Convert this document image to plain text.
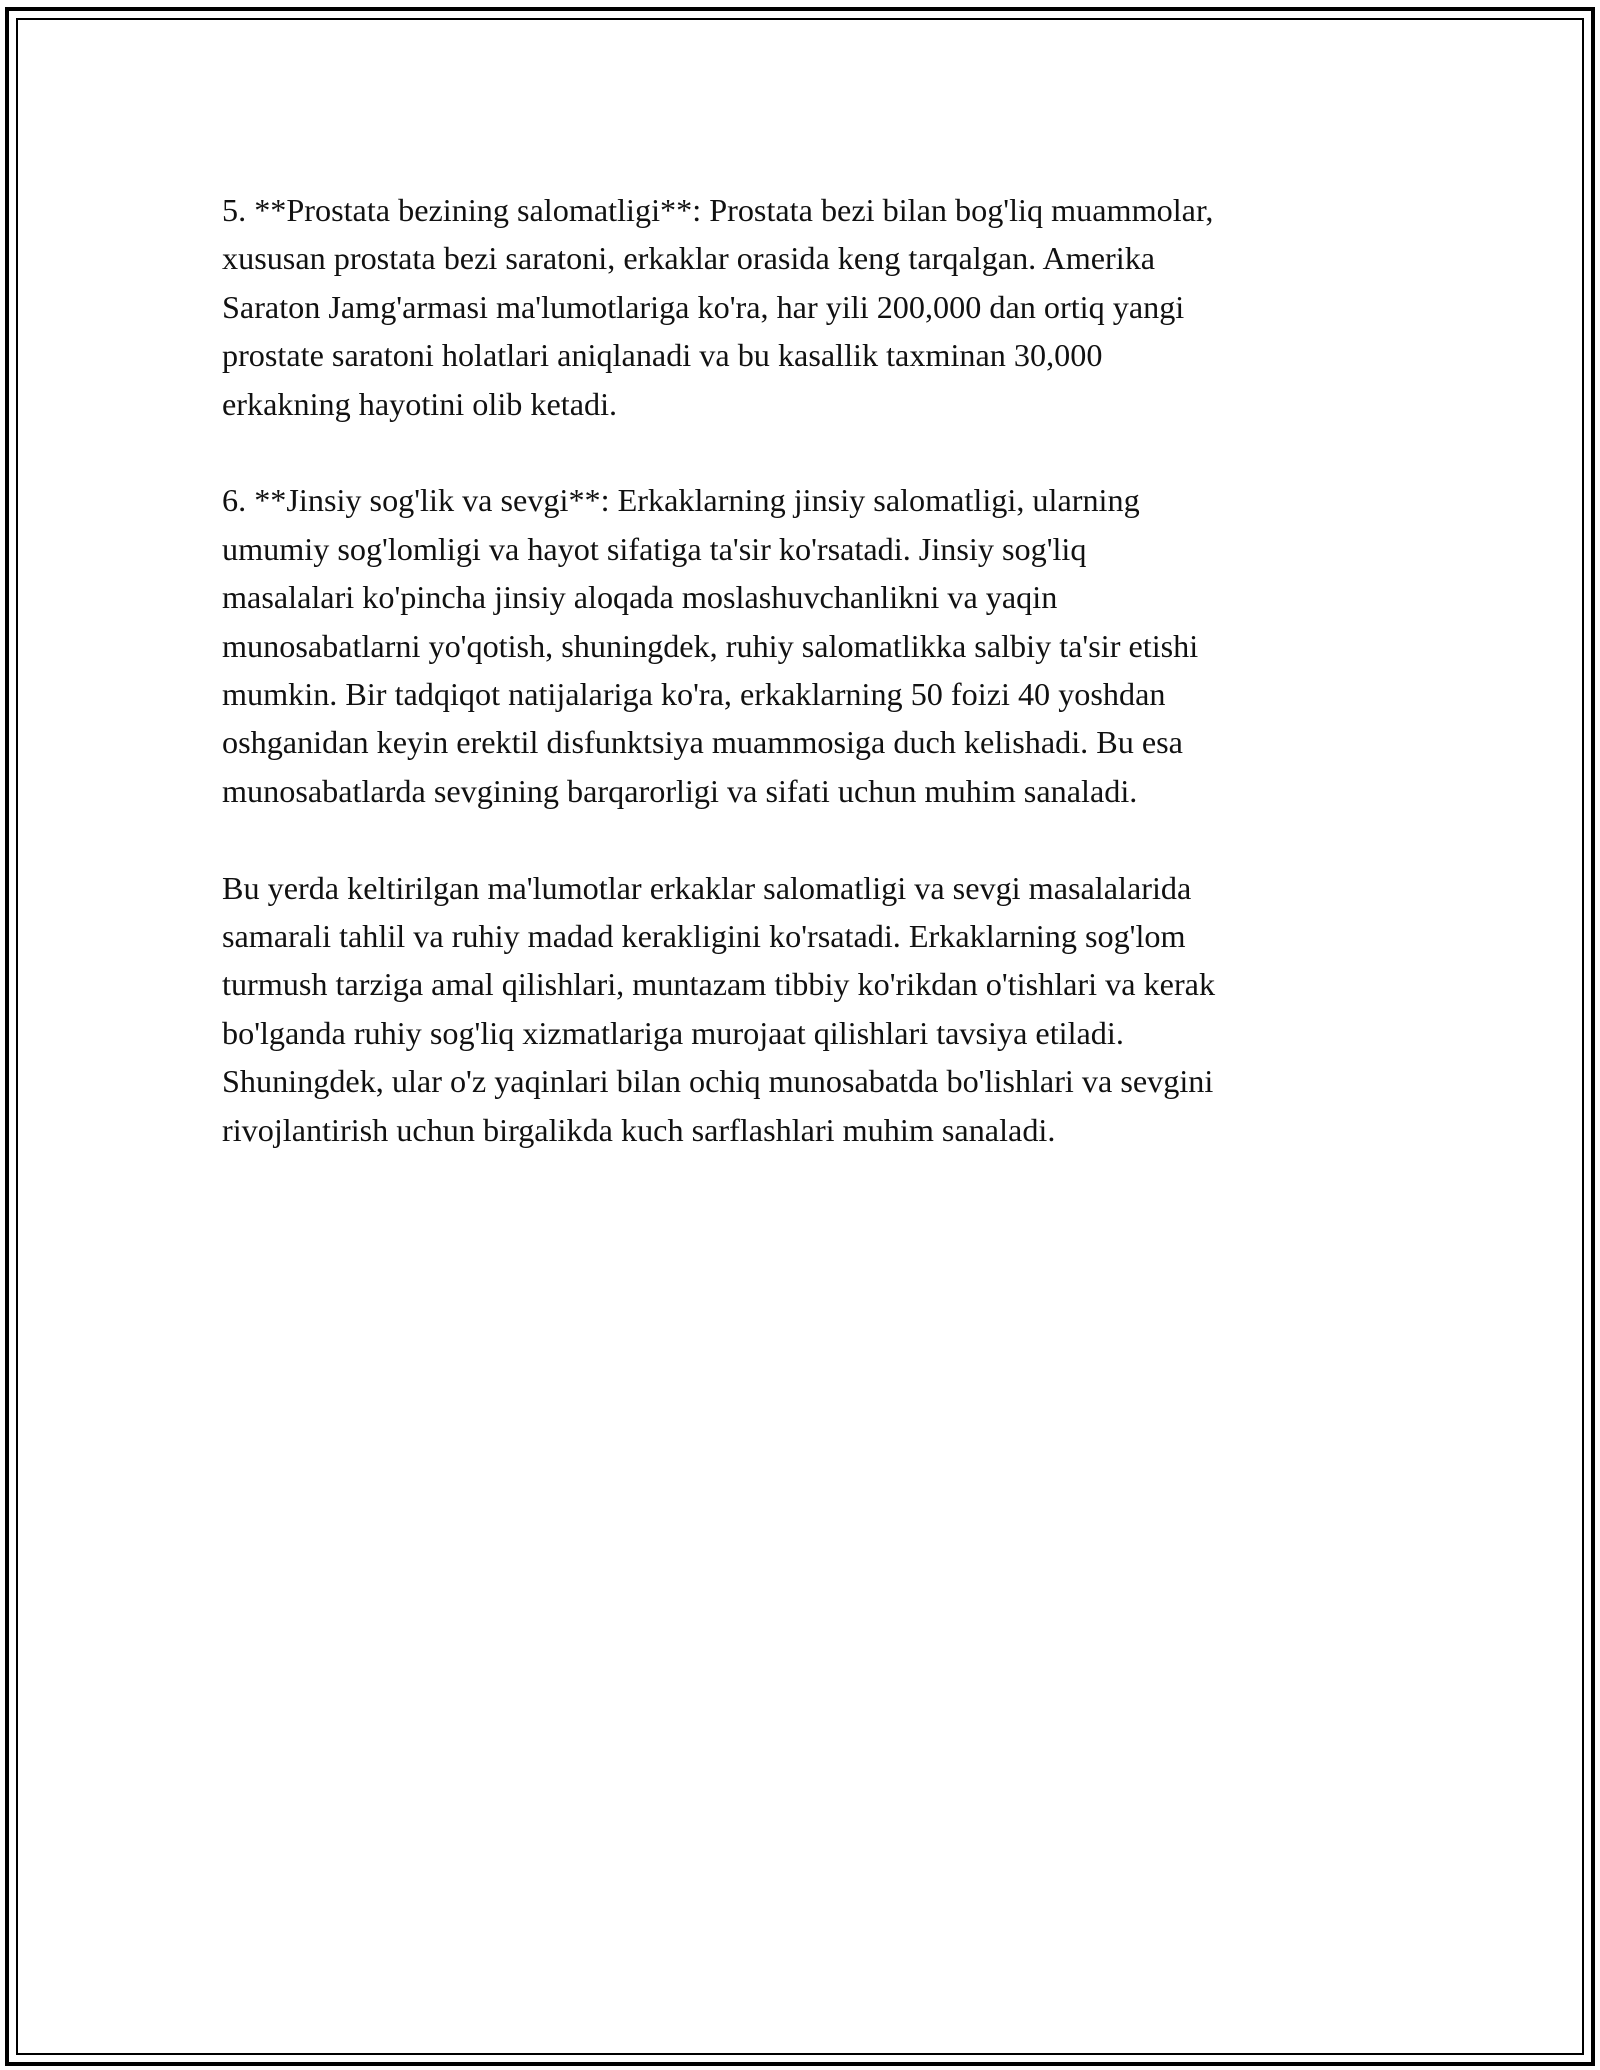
5. **Prostata bezining salomatligi**: Prostata bezi bilan bog'liq muammolar,
xususan prostata bezi saratoni, erkaklar orasida keng tarqalgan. Amerika
Saraton Jamg'armasi ma'lumotlariga ko'ra, har yili 200,000 dan ortiq yangi
prostate saratoni holatlari aniqlanadi va bu kasallik taxminan 30,000
erkakning hayotini olib ketadi.

6. **Jinsiy sog'lik va sevgi**: Erkaklarning jinsiy salomatligi, ularning
umumiy sog'lomligi va hayot sifatiga ta'sir ko'rsatadi. Jinsiy sog'liq
masalalari ko'pincha jinsiy aloqada moslashuvchanlikni va yaqin
munosabatlarni yo'qotish, shuningdek, ruhiy salomatlikka salbiy ta'sir etishi
mumkin. Bir tadqiqot natijalariga ko'ra, erkaklarning 50 foizi 40 yoshdan
oshganidan keyin erektil disfunktsiya muammosiga duch kelishadi. Bu esa
munosabatlarda sevgining barqarorligi va sifati uchun muhim sanaladi.

Bu yerda keltirilgan ma'lumotlar erkaklar salomatligi va sevgi masalalarida
samarali tahlil va ruhiy madad kerakligini ko'rsatadi. Erkaklarning sog'lom
turmush tarziga amal qilishlari, muntazam tibbiy ko'rikdan o'tishlari va kerak
bo'lganda ruhiy sog'liq xizmatlariga murojaat qilishlari tavsiya etiladi.
Shuningdek, ular o'z yaqinlari bilan ochiq munosabatda bo'lishlari va sevgini
rivojlantirish uchun birgalikda kuch sarflashlari muhim sanaladi.
